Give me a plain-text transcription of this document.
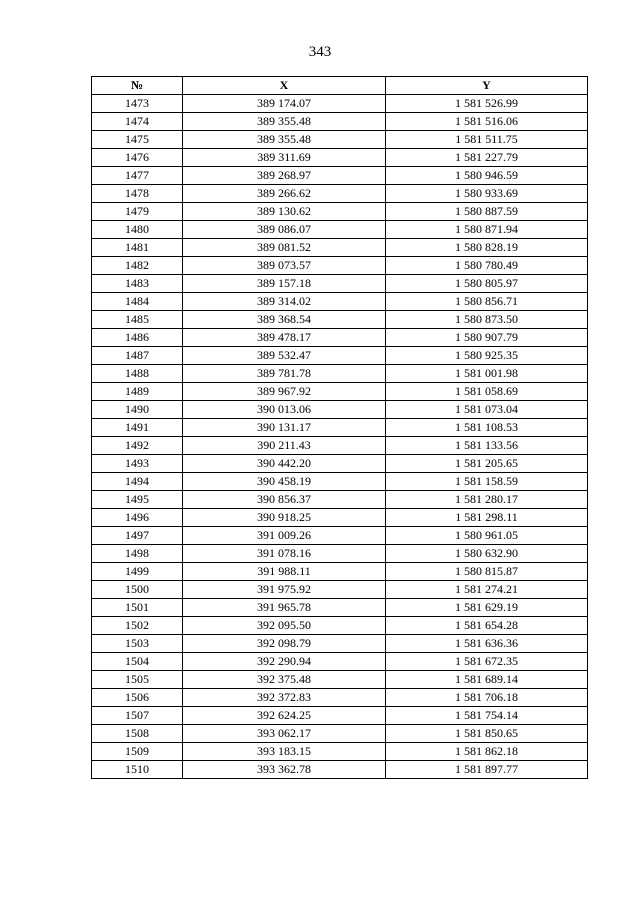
343
№	X	Y
1473	389 174.07	1 581 526.99
1474	389 355.48	1 581 516.06
1475	389 355.48	1 581 511.75
1476	389 311.69	1 581 227.79
1477	389 268.97	1 580 946.59
1478	389 266.62	1 580 933.69
1479	389 130.62	1 580 887.59
1480	389 086.07	1 580 871.94
1481	389 081.52	1 580 828.19
1482	389 073.57	1 580 780.49
1483	389 157.18	1 580 805.97
1484	389 314.02	1 580 856.71
1485	389 368.54	1 580 873.50
1486	389 478.17	1 580 907.79
1487	389 532.47	1 580 925.35
1488	389 781.78	1 581 001.98
1489	389 967.92	1 581 058.69
1490	390 013.06	1 581 073.04
1491	390 131.17	1 581 108.53
1492	390 211.43	1 581 133.56
1493	390 442.20	1 581 205.65
1494	390 458.19	1 581 158.59
1495	390 856.37	1 581 280.17
1496	390 918.25	1 581 298.11
1497	391 009.26	1 580 961.05
1498	391 078.16	1 580 632.90
1499	391 988.11	1 580 815.87
1500	391 975.92	1 581 274.21
1501	391 965.78	1 581 629.19
1502	392 095.50	1 581 654.28
1503	392 098.79	1 581 636.36
1504	392 290.94	1 581 672.35
1505	392 375.48	1 581 689.14
1506	392 372.83	1 581 706.18
1507	392 624.25	1 581 754.14
1508	393 062.17	1 581 850.65
1509	393 183.15	1 581 862.18
1510	393 362.78	1 581 897.77
